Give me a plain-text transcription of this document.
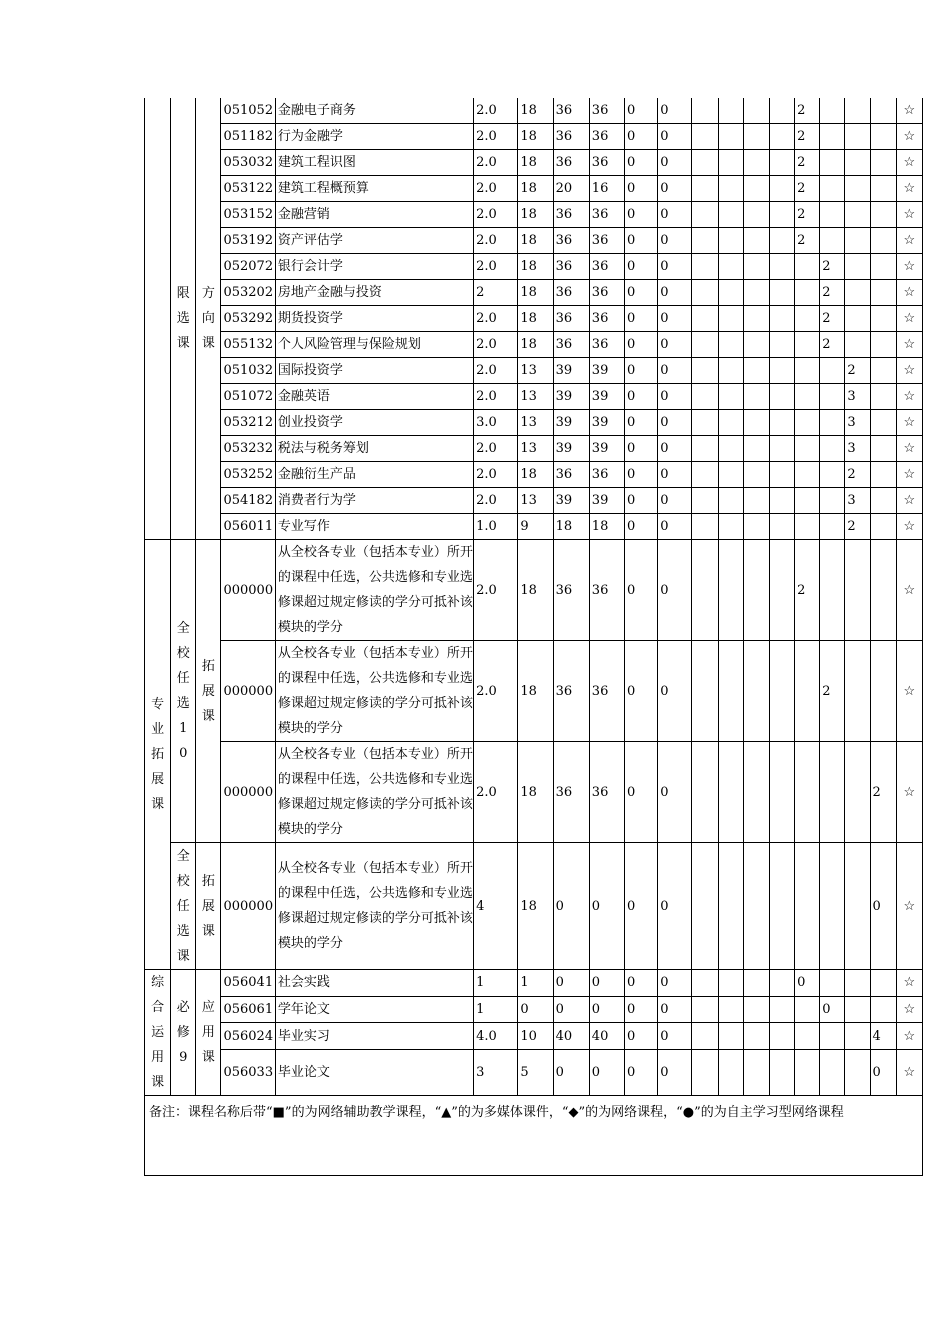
	限选课	方向课	051052	金融电子商务	2.0	18	36	36	0	0					2				☆
			051182	行为金融学	2.0	18	36	36	0	0					2				☆
			053032	建筑工程识图	2.0	18	36	36	0	0					2				☆
			053122	建筑工程概预算	2.0	18	20	16	0	0					2				☆
			053152	金融营销	2.0	18	36	36	0	0					2				☆
			053192	资产评估学	2.0	18	36	36	0	0					2				☆
			052072	银行会计学	2.0	18	36	36	0	0						2			☆
			053202	房地产金融与投资	2	18	36	36	0	0						2			☆
			053292	期货投资学	2.0	18	36	36	0	0						2			☆
			055132	个人风险管理与保险规划	2.0	18	36	36	0	0						2			☆
			051032	国际投资学	2.0	13	39	39	0	0							2		☆
			051072	金融英语	2.0	13	39	39	0	0							3		☆
			053212	创业投资学	3.0	13	39	39	0	0							3		☆
			053232	税法与税务筹划	2.0	13	39	39	0	0							3		☆
			053252	金融衍生产品	2.0	18	36	36	0	0							2		☆
			054182	消费者行为学	2.0	13	39	39	0	0							3		☆
			056011	专业写作	1.0	9	18	18	0	0							2		☆
专业拓展课	全校任选10	拓展课	000000	从全校各专业（包括本专业）所开的课程中任选，公共选修和专业选修课超过规定修读的学分可抵补该模块的学分	2.0	18	36	36	0	0					2				☆
			000000	从全校各专业（包括本专业）所开的课程中任选，公共选修和专业选修课超过规定修读的学分可抵补该模块的学分	2.0	18	36	36	0	0						2			☆
			000000	从全校各专业（包括本专业）所开的课程中任选，公共选修和专业选修课超过规定修读的学分可抵补该模块的学分	2.0	18	36	36	0	0								2	☆
	全校任选课	拓展课	000000	从全校各专业（包括本专业）所开的课程中任选，公共选修和专业选修课超过规定修读的学分可抵补该模块的学分	4	18	0	0	0	0								0	☆
综合运用课	必修9	应用课	056041	社会实践	1	1	0	0	0	0					0				☆
			056061	学年论文	1	0	0	0	0	0						0			☆
			056024	毕业实习	4.0	10	40	40	0	0								4	☆
			056033	毕业论文	3	5	0	0	0	0								0	☆
备注：课程名称后带“■”的为网络辅助教学课程，“▲”的为多媒体课件，“◆”的为网络课程，“●”的为自主学习型网络课程
